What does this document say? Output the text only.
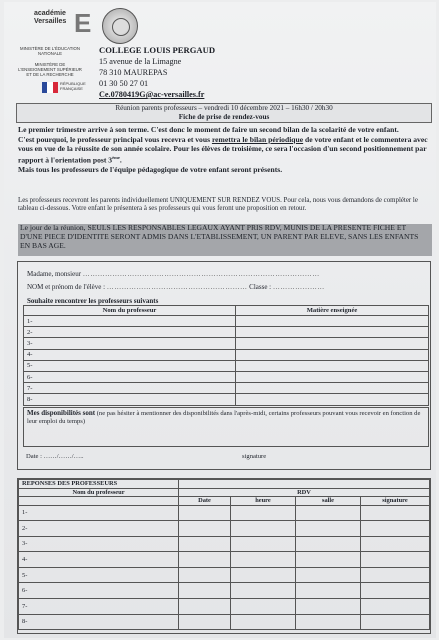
académie
Versailles E
MINISTÈRE DE L'ÉDUCATION NATIONALE
MINISTÈRE DE L'ENSEIGNEMENT SUPÉRIEUR ET DE LA RECHERCHE
RÉPUBLIQUE FRANÇAISE
COLLEGE LOUIS PERGAUD
15 avenue de la Limagne
78 310 MAUREPAS
01 30 50 27 01
Ce.0780419G@ac-versailles.fr
Réunion parents professeurs – vendredi 10 décembre 2021 – 16h30 / 20h30
Fiche de prise de rendez-vous

Le premier trimestre arrive à son terme. C'est donc le moment de faire un second bilan de la scolarité de votre enfant.

C'est pourquoi, le professeur principal vous recevra et vous remettra le bilan périodique de votre enfant et le commentera avec vous en vue de la réussite de son année scolaire. Pour les élèves de troisième, ce sera l'occasion d'un second positionnement par rapport à l'orientation post 3ème.

Mais tous les professeurs de l'équipe pédagogique de votre enfant seront présents.

Les professeurs recevront les parents individuellement UNIQUEMENT SUR RENDEZ VOUS. Pour cela, nous vous demandons de compléter le tableau ci-dessous. Votre enfant le présentera à ses professeurs qui vous feront une proposition en retour.
Le jour de la réunion, SEULS LES RESPONSABLES LEGAUX AYANT PRIS RDV, MUNIS DE LA PRESENTE FICHE ET D'UNE PIECE D'IDENTITE SERONT ADMIS DANS L'ETABLISSEMENT, UN PARENT PAR ELEVE, SANS LES ENFANTS EN BAS AGE.
Madame, monsieur ……………………………………………………………………………………
NOM et prénom de l'élève : ………………………………………………… Classe : …………………
Souhaite rencontrer les professeurs suivants
Nom du professeur	Matière enseignée
1-	
2-	
3-	
4-	
5-	
6-	
7-	
8-	
Mes disponibilités sont (ne pas hésiter à mentionner des disponibilités dans l'après-midi, certains professeurs pouvant vous recevoir en fonction de leur emploi du temps)
Date : ……/……/…..	signature
REPONSES DES PROFESSEURS				
Nom du professeur	RDV			
	Date	heure	salle	signature
1-				
2-				
3-				
4-				
5-				
6-				
7-				
8-				
